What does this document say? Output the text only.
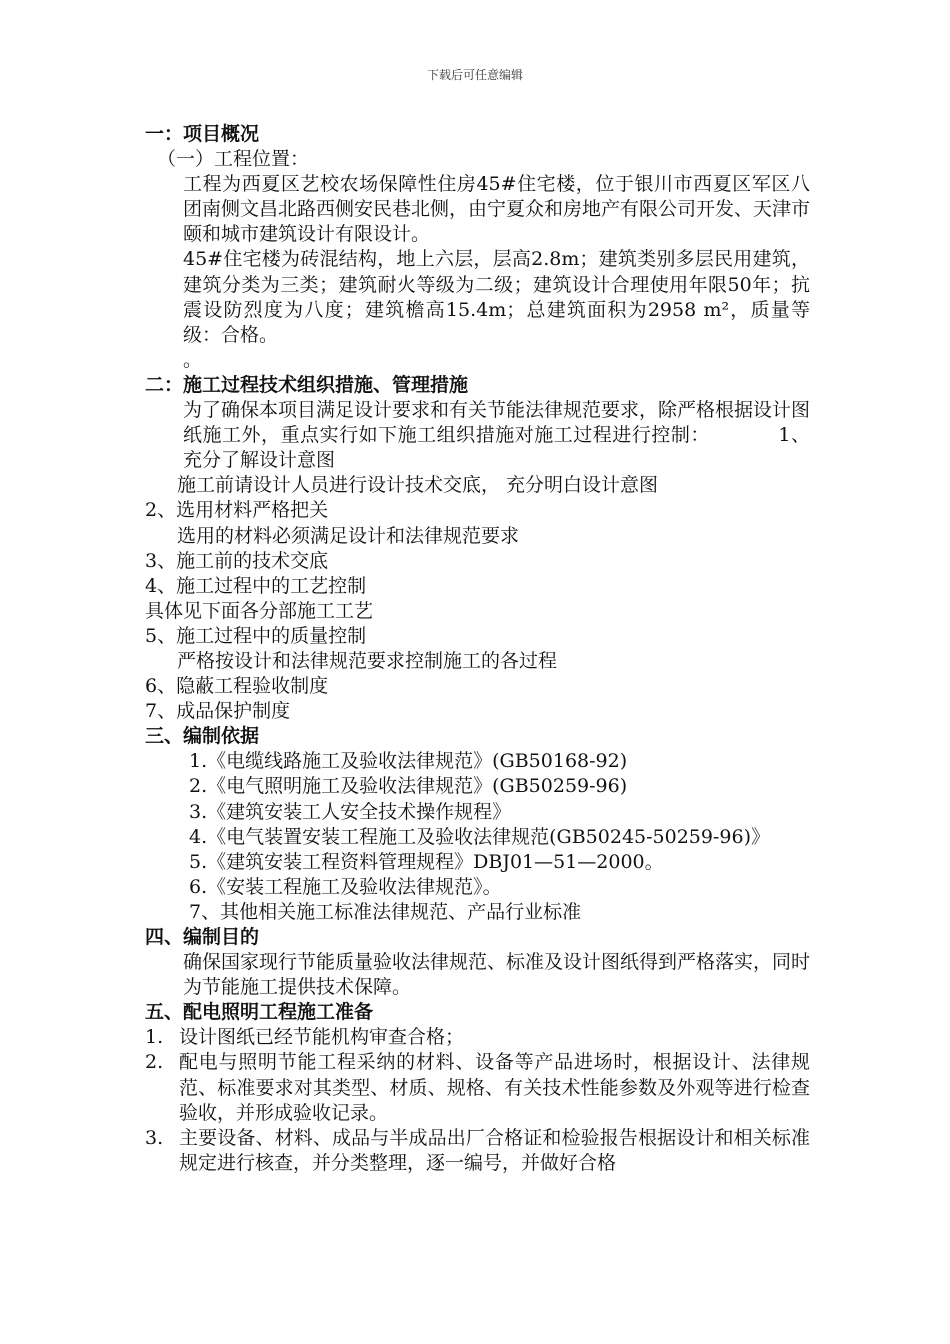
下载后可任意编辑

一：项目概况

（一）工程位置：

工程为西夏区艺校农场保障性住房45#住宅楼，位于银川市西夏区军区八团南侧文昌北路西侧安民巷北侧，由宁夏众和房地产有限公司开发、天津市颐和城市建筑设计有限设计。

45#住宅楼为砖混结构，地上六层，层高2.8m；建筑类别多层民用建筑，建筑分类为三类；建筑耐火等级为二级；建筑设计合理使用年限50年；抗震设防烈度为八度；建筑檐高15.4m；总建筑面积为2958 m²，质量等级：合格。

。

二：施工过程技术组织措施、管理措施

为了确保本项目满足设计要求和有关节能法律规范要求，除严格根据设计图纸施工外，重点实行如下施工组织措施对施工过程进行控制：　　　　1、充分了解设计意图

施工前请设计人员进行设计技术交底， 充分明白设计意图

2、选用材料严格把关

选用的材料必须满足设计和法律规范要求

3、施工前的技术交底

4、施工过程中的工艺控制

具体见下面各分部施工工艺

5、施工过程中的质量控制

严格按设计和法律规范要求控制施工的各过程

6、隐蔽工程验收制度

7、成品保护制度

三、编制依据

1.《电缆线路施工及验收法律规范》(GB50168-92)

2.《电气照明施工及验收法律规范》(GB50259-96)

3.《建筑安装工人安全技术操作规程》

4.《电气装置安装工程施工及验收法律规范(GB50245-50259-96)》

5.《建筑安装工程资料管理规程》DBJ01—51—2000。

6.《安装工程施工及验收法律规范》。

7、其他相关施工标准法律规范、产品行业标准

四、编制目的

确保国家现行节能质量验收法律规范、标准及设计图纸得到严格落实，同时为节能施工提供技术保障。

五、配电照明工程施工准备

1. 设计图纸已经节能机构审查合格；
2. 配电与照明节能工程采纳的材料、设备等产品进场时，根据设计、法律规范、标准要求对其类型、材质、规格、有关技术性能参数及外观等进行检查验收，并形成验收记录。
3. 主要设备、材料、成品与半成品出厂合格证和检验报告根据设计和相关标准规定进行核查，并分类整理，逐一编号，并做好合格
